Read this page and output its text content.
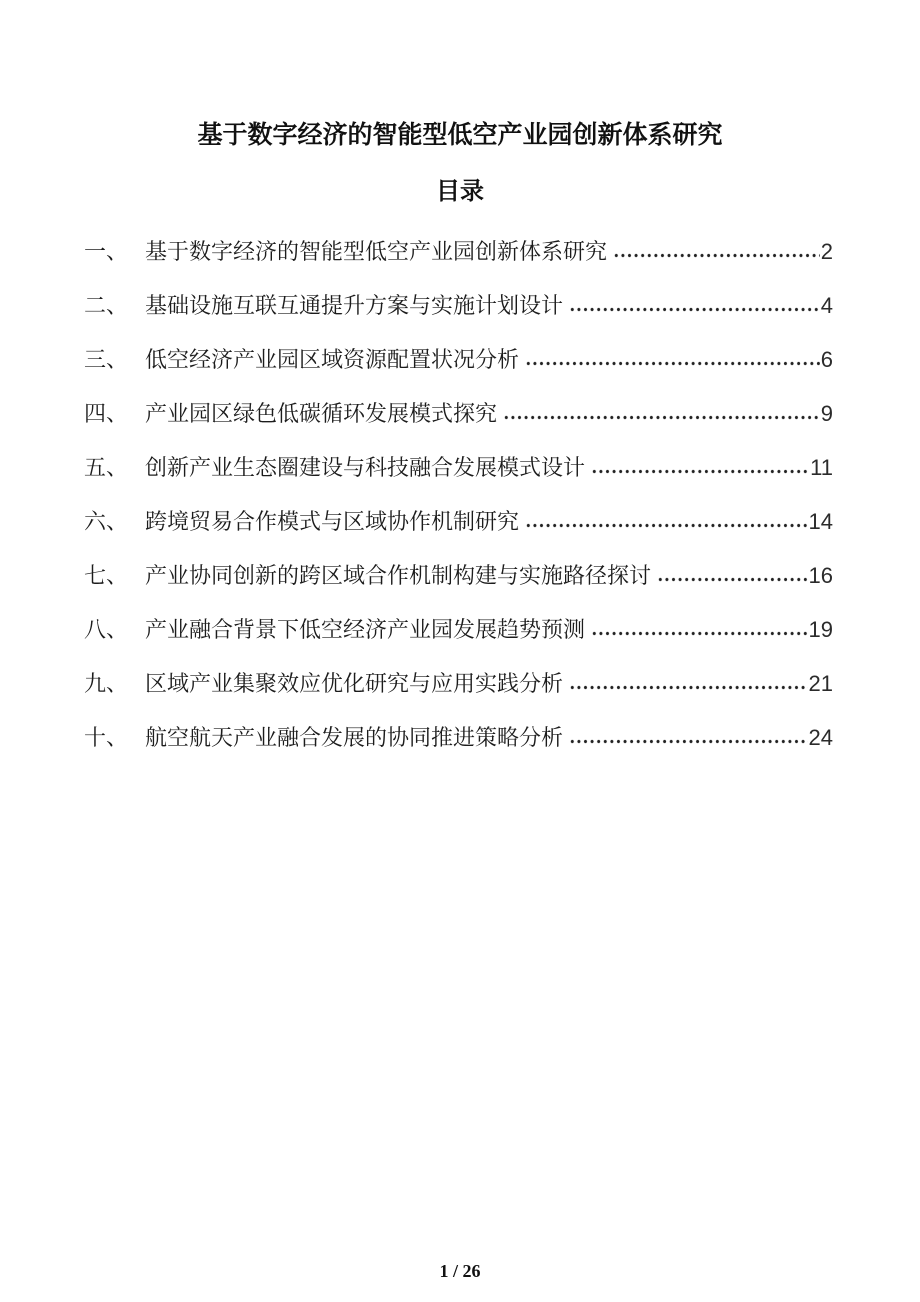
基于数字经济的智能型低空产业园创新体系研究
目录
一、 基于数字经济的智能型低空产业园创新体系研究	2
二、 基础设施互联互通提升方案与实施计划设计	4
三、 低空经济产业园区域资源配置状况分析	6
四、 产业园区绿色低碳循环发展模式探究	9
五、 创新产业生态圈建设与科技融合发展模式设计	11
六、 跨境贸易合作模式与区域协作机制研究	14
七、 产业协同创新的跨区域合作机制构建与实施路径探讨	16
八、 产业融合背景下低空经济产业园发展趋势预测	19
九、 区域产业集聚效应优化研究与应用实践分析	21
十、 航空航天产业融合发展的协同推进策略分析	24
1 / 26
